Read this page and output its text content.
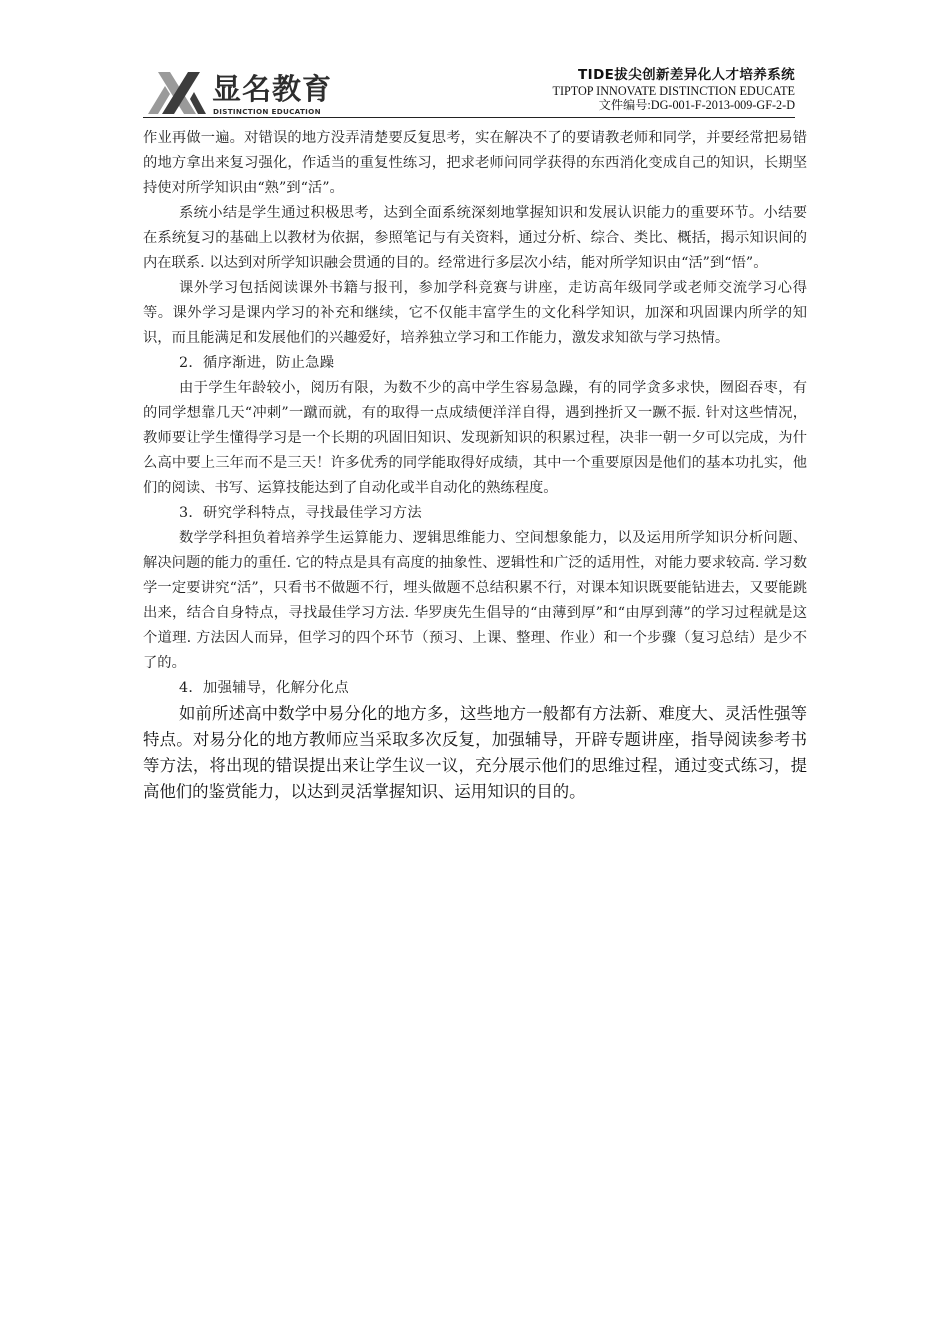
显名教育
DISTINCTION EDUCATION
TIDE拔尖创新差异化人才培养系统
TIPTOP INNOVATE DISTINCTION EDUCATE
文件编号:DG-001-F-2013-009-GF-2-D

作业再做一遍。对错误的地方没弄清楚要反复思考，实在解决不了的要请教老师和同学，并要经常把易错的地方拿出来复习强化，作适当的重复性练习，把求老师问同学获得的东西消化变成自己的知识，长期坚持使对所学知识由“熟”到“活”。

系统小结是学生通过积极思考，达到全面系统深刻地掌握知识和发展认识能力的重要环节。小结要在系统复习的基础上以教材为依据，参照笔记与有关资料，通过分析、综合、类比、概括，揭示知识间的内在联系. 以达到对所学知识融会贯通的目的。经常进行多层次小结，能对所学知识由“活”到“悟”。

课外学习包括阅读课外书籍与报刊，参加学科竞赛与讲座，走访高年级同学或老师交流学习心得等。课外学习是课内学习的补充和继续，它不仅能丰富学生的文化科学知识，加深和巩固课内所学的知识，而且能满足和发展他们的兴趣爱好，培养独立学习和工作能力，激发求知欲与学习热情。

2．循序渐进，防止急躁

由于学生年龄较小，阅历有限，为数不少的高中学生容易急躁，有的同学贪多求快，囫囵吞枣，有的同学想靠几天“冲刺”一蹴而就，有的取得一点成绩便洋洋自得，遇到挫折又一蹶不振. 针对这些情况，教师要让学生懂得学习是一个长期的巩固旧知识、发现新知识的积累过程，决非一朝一夕可以完成，为什么高中要上三年而不是三天！许多优秀的同学能取得好成绩，其中一个重要原因是他们的基本功扎实，他们的阅读、书写、运算技能达到了自动化或半自动化的熟练程度。

3．研究学科特点，寻找最佳学习方法

数学学科担负着培养学生运算能力、逻辑思维能力、空间想象能力，以及运用所学知识分析问题、解决问题的能力的重任. 它的特点是具有高度的抽象性、逻辑性和广泛的适用性，对能力要求较高. 学习数学一定要讲究“活”，只看书不做题不行，埋头做题不总结积累不行，对课本知识既要能钻进去，又要能跳出来，结合自身特点，寻找最佳学习方法. 华罗庚先生倡导的“由薄到厚”和“由厚到薄”的学习过程就是这个道理. 方法因人而异，但学习的四个环节（预习、上课、整理、作业）和一个步骤（复习总结）是少不了的。

4．加强辅导，化解分化点

如前所述高中数学中易分化的地方多，这些地方一般都有方法新、难度大、灵活性强等特点。对易分化的地方教师应当采取多次反复，加强辅导，开辟专题讲座，指导阅读参考书等方法，将出现的错误提出来让学生议一议，充分展示他们的思维过程，通过变式练习，提高他们的鉴赏能力，以达到灵活掌握知识、运用知识的目的。
